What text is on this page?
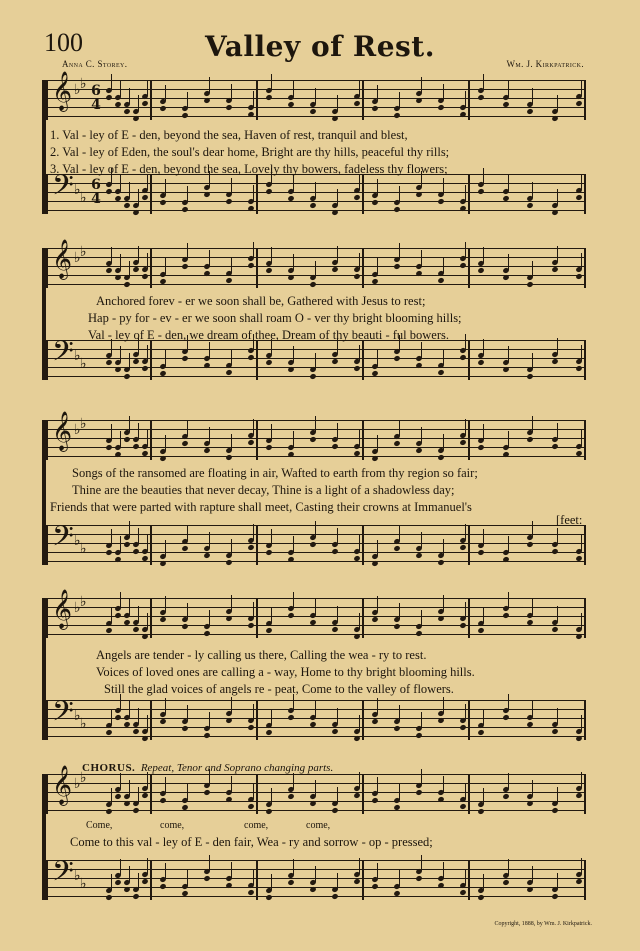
100	Valley of Rest.
Anna C. Storey.	Wm. J. Kirkpatrick.
𝄞 ♭ ♭ 6
4
𝄢 ♭ ♭
6
4
𝄞 ♭ ♭
𝄢 ♭ ♭
𝄞 ♭ ♭
𝄢 ♭ ♭
𝄞 ♭ ♭
𝄢 ♭ ♭
𝄞 ♭ ♭
𝄢 ♭ ♭
1. Val - ley of E - den, beyond the sea, Haven of rest, tranquil and blest,
2. Val - ley of Eden, the soul's dear home, Bright are thy hills, peaceful thy rills;
3. Val - ley of E - den, beyond the sea, Lovely thy bowers, fadeless thy flowers;
Anchored forev - er we soon shall be, Gathered with Jesus to rest;
Hap - py for - ev - er we soon shall roam O - ver thy bright blooming hills;
Val - ley of E - den, we dream of thee, Dream of thy beauti - ful bowers.
Songs of the ransomed are floating in air, Wafted to earth from thy region so fair;
Thine are the beauties that never decay, Thine is a light of a shadowless day;
Friends that were parted with rapture shall meet, Casting their crowns at Immanuel's
[feet:
Angels are tender - ly calling us there, Calling the wea - ry to rest.
Voices of loved ones are calling a - way, Home to thy bright blooming hills.
Still the glad voices of angels re - peat, Come to the valley of flowers.
CHORUS. Repeat, Tenor and Soprano changing parts.
Come,	come,	come,	come,
Come to this val - ley of E - den fair, Wea - ry and sorrow - op - pressed;
Copyright, 1888, by Wm. J. Kirkpatrick.
